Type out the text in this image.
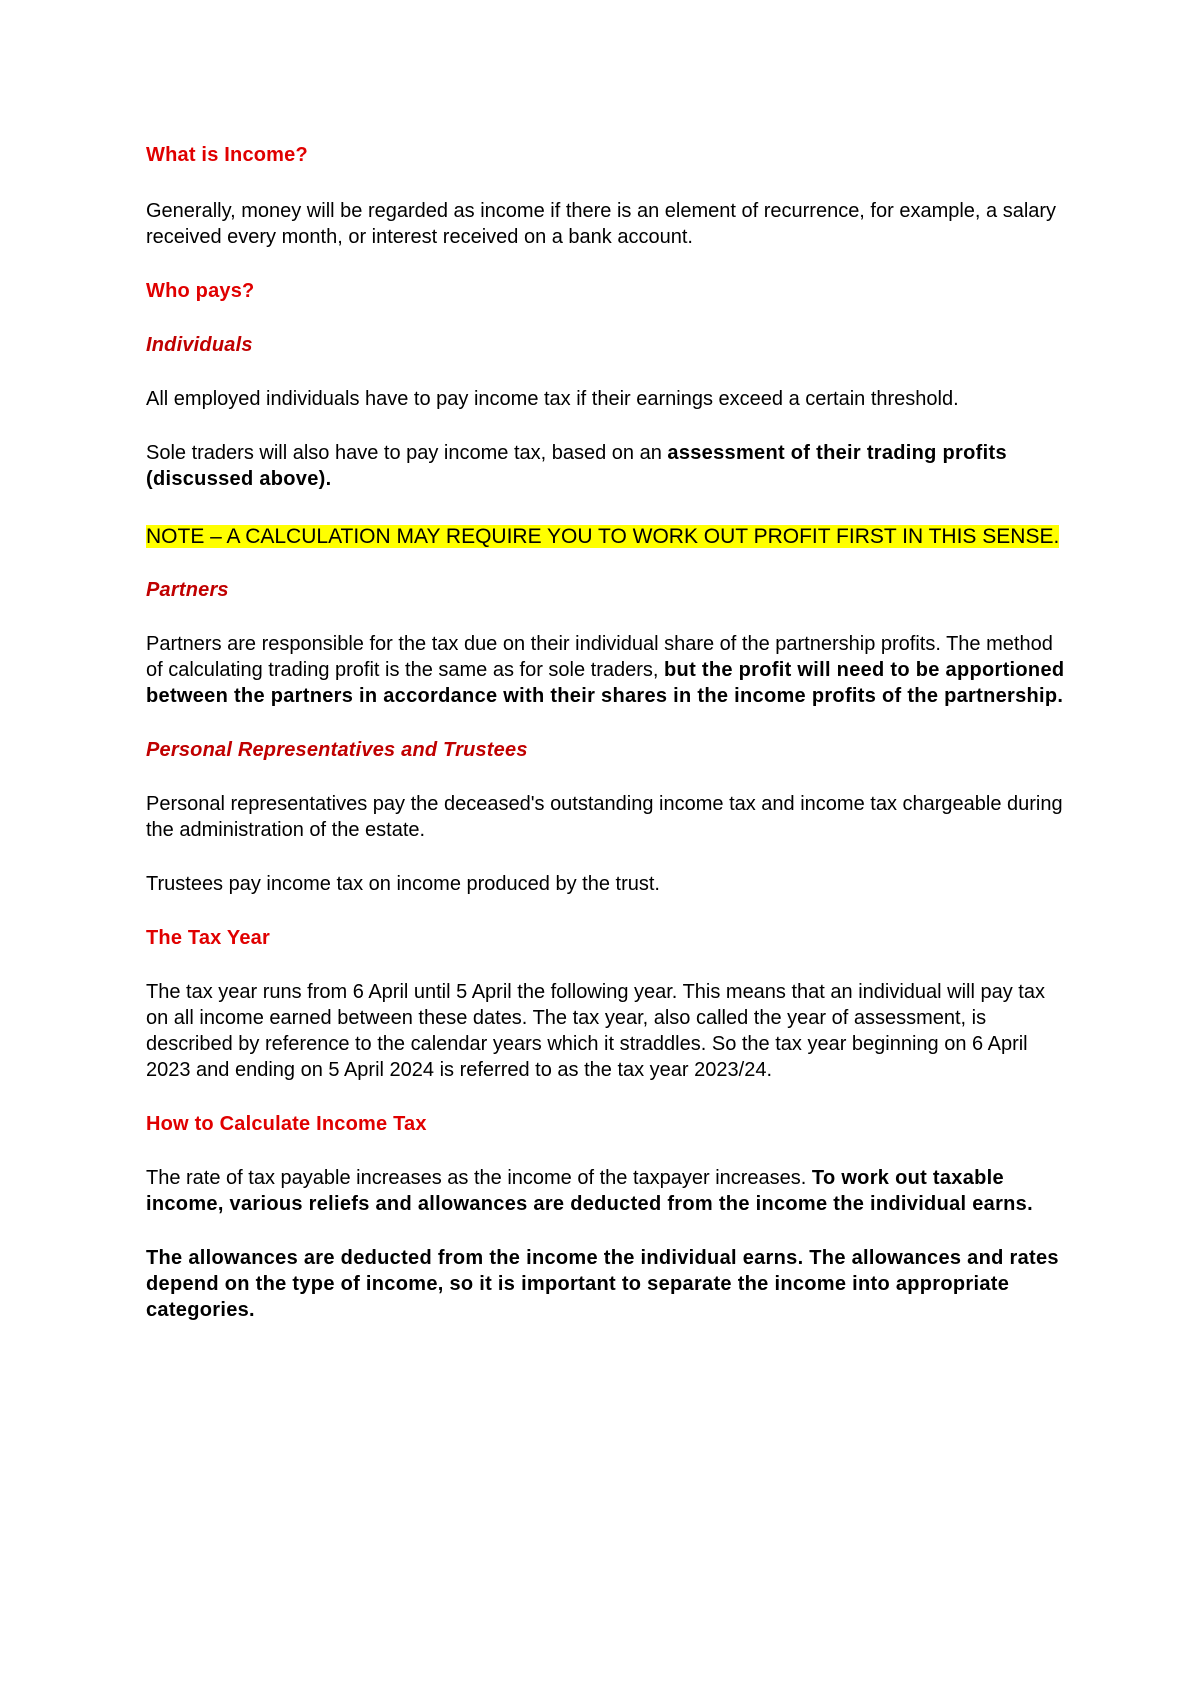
What is Income?

Generally, money will be regarded as income if there is an element of recurrence, for example, a salary received every month, or interest received on a bank account.

Who pays?

Individuals

All employed individuals have to pay income tax if their earnings exceed a certain threshold.

Sole traders will also have to pay income tax, based on an assessment of their trading profits (discussed above).

NOTE – A CALCULATION MAY REQUIRE YOU TO WORK OUT PROFIT FIRST IN THIS SENSE.

Partners

Partners are responsible for the tax due on their individual share of the partnership profits. The method of calculating trading profit is the same as for sole traders, but the profit will need to be apportioned between the partners in accordance with their shares in the income profits of the partnership.

Personal Representatives and Trustees

Personal representatives pay the deceased's outstanding income tax and income tax chargeable during the administration of the estate.

Trustees pay income tax on income produced by the trust.

The Tax Year

The tax year runs from 6 April until 5 April the following year. This means that an individual will pay tax on all income earned between these dates. The tax year, also called the year of assessment, is described by reference to the calendar years which it straddles. So the tax year beginning on 6 April 2023 and ending on 5 April 2024 is referred to as the tax year 2023/24.

How to Calculate Income Tax

The rate of tax payable increases as the income of the taxpayer increases. To work out taxable income, various reliefs and allowances are deducted from the income the individual earns.

The allowances are deducted from the income the individual earns. The allowances and rates depend on the type of income, so it is important to separate the income into appropriate categories.
